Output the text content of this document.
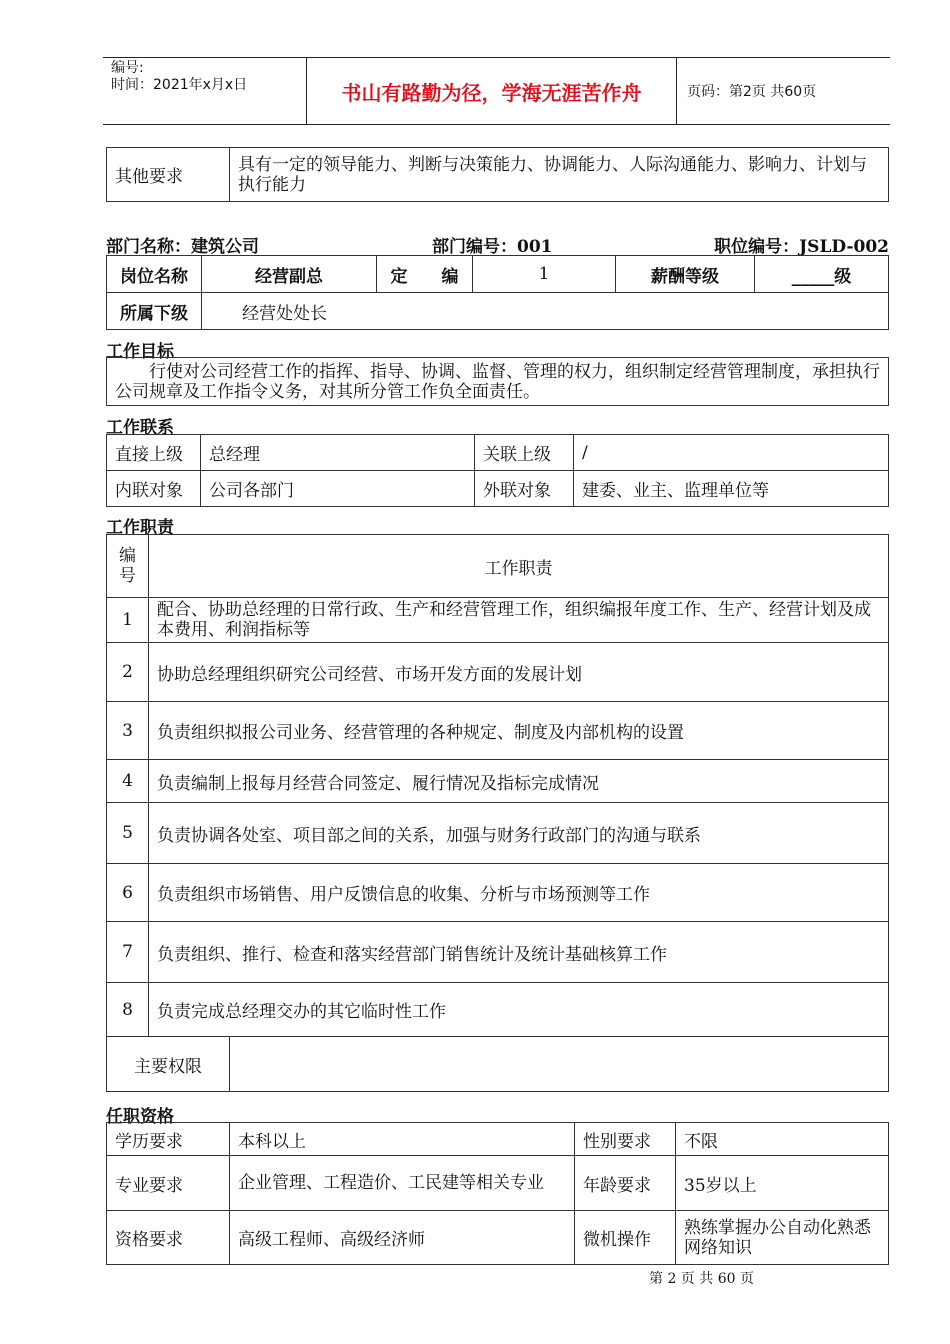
编号:
时间：2021年x月x日	书山有路勤为径，学海无涯苦作舟	页码：第2页 共60页
其他要求	具有一定的领导能力、判断与决策能力、协调能力、人际沟通能力、影响力、计划与执行能力
部门名称：建筑公司	部门编号：001	职位编号：JSLD-002
岗位名称	经营副总	定　　编	1	薪酬等级	_____级
所属下级	经营处处长				
工作目标
行使对公司经营工作的指挥、指导、协调、监督、管理的权力，组织制定经营管理制度，承担执行公司规章及工作指令义务，对其所分管工作负全面责任。
工作联系
直接上级	总经理	关联上级	/
内联对象	公司各部门	外联对象	建委、业主、监理单位等
工作职责
编号	工作职责	
1	配合、协助总经理的日常行政、生产和经营管理工作，组织编报年度工作、生产、经营计划及成本费用、利润指标等	
2	协助总经理组织研究公司经营、市场开发方面的发展计划	
3	负责组织拟报公司业务、经营管理的各种规定、制度及内部机构的设置	
4	负责编制上报每月经营合同签定、履行情况及指标完成情况	
5	负责协调各处室、项目部之间的关系，加强与财务行政部门的沟通与联系	
6	负责组织市场销售、用户反馈信息的收集、分析与市场预测等工作	
7	负责组织、推行、检查和落实经营部门销售统计及统计基础核算工作	
8	负责完成总经理交办的其它临时性工作	
主要权限		
任职资格
学历要求	本科以上	性别要求	不限
专业要求	企业管理、工程造价、工民建等相关专业	年龄要求	35岁以上
资格要求	高级工程师、高级经济师	微机操作	熟练掌握办公自动化熟悉网络知识
第 2 页 共 60 页
